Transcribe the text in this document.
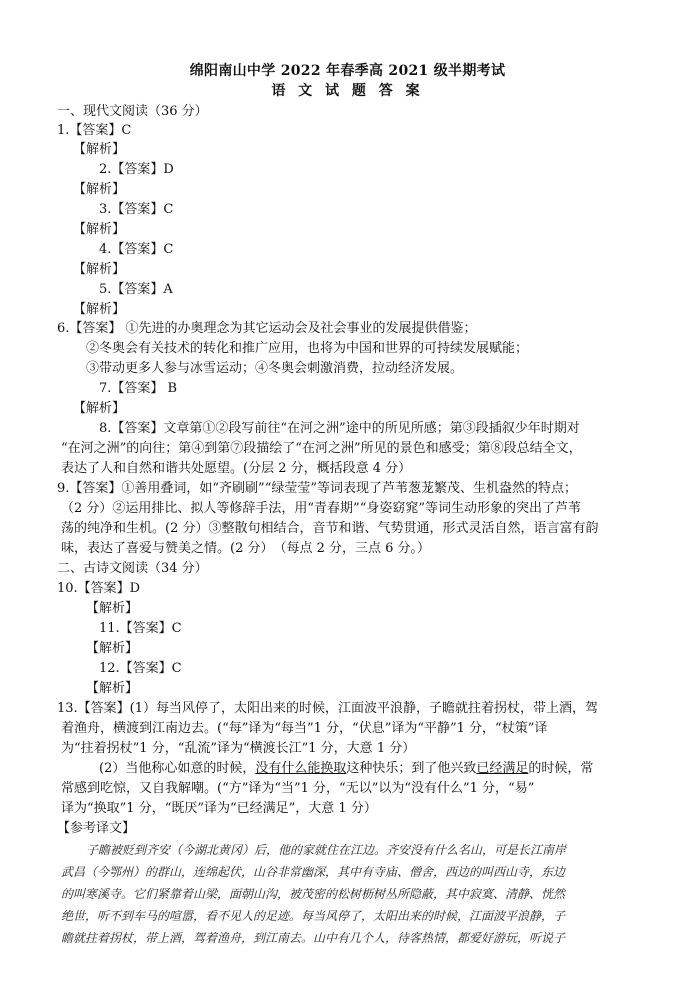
绵阳南山中学 2022 年春季高 2021 级半期考试
语 文 试 题 答 案
一、现代文阅读（36 分）
1.【答案】C
【解析】
2.【答案】D
【解析】
3.【答案】C
【解析】
4.【答案】C
【解析】
5.【答案】A
【解析】
6.【答案】 ①先进的办奥理念为其它运动会及社会事业的发展提供借鉴；
②冬奥会有关技术的转化和推广应用，也将为中国和世界的可持续发展赋能；
③带动更多人参与冰雪运动；④冬奥会刺激消费，拉动经济发展。
7.【答案】 B
【解析】
8.【答案】文章第①②段写前往“在河之洲”途中的所见所感；第③段插叙少年时期对
“在河之洲”的向往；第④到第⑦段描绘了“在河之洲”所见的景色和感受；第⑧段总结全文，
表达了人和自然和谐共处愿望。(分层 2 分，概括段意 4 分）
9.【答案】①善用叠词，如“齐刷刷”“绿莹莹”等词表现了芦苇葱茏繁茂、生机盎然的特点；
（2 分）②运用排比、拟人等修辞手法，用“青春期”“身姿窈窕”等词生动形象的突出了芦苇
荡的纯净和生机。(2 分）③整散句相结合，音节和谐、气势贯通，形式灵活自然，语言富有韵
味，表达了喜爱与赞美之情。(2 分）　（每点 2 分，三点 6 分。）
二、古诗文阅读（34 分）
10.【答案】D
【解析】
11.【答案】C
【解析】
12.【答案】C
【解析】
13.【答案】(1）每当风停了，太阳出来的时候，江面波平浪静，子瞻就拄着拐杖，带上酒，驾
着渔舟，横渡到江南边去。(“每”译为“每当”1 分，“伏息”译为“平静”1 分，“杖策”译
为“拄着拐杖”1 分，“乱流”译为“横渡长江”1 分，大意 1 分）
(2）当他称心如意的时候，没有什么能换取这种快乐；到了他兴致已经满足的时候，常
常感到吃惊，又自我解嘲。(“方”译为“当”1 分，“无以”以为“没有什么”1 分，“易”
译为“换取”1 分，“既厌”译为“已经满足”，大意 1 分）
【参考译文】
子瞻被贬到齐安（今湖北黄冈）后，他的家就住在江边。齐安没有什么名山，可是长江南岸
武昌（今鄂州）的群山，连绵起伏，山谷非常幽深，其中有寺庙、僧舍，西边的叫西山寺，东边
的叫寒溪寺。它们紧靠着山梁，面朝山沟，被茂密的松树枥树丛所隐蔽，其中寂寞、清静、恍然
绝世，听不到车马的喧嚣，看不见人的足迹。每当风停了，太阳出来的时候，江面波平浪静，子
瞻就拄着拐杖，带上酒，驾着渔舟，到江南去。山中有几个人，待客热情，都爱好游玩，听说子
